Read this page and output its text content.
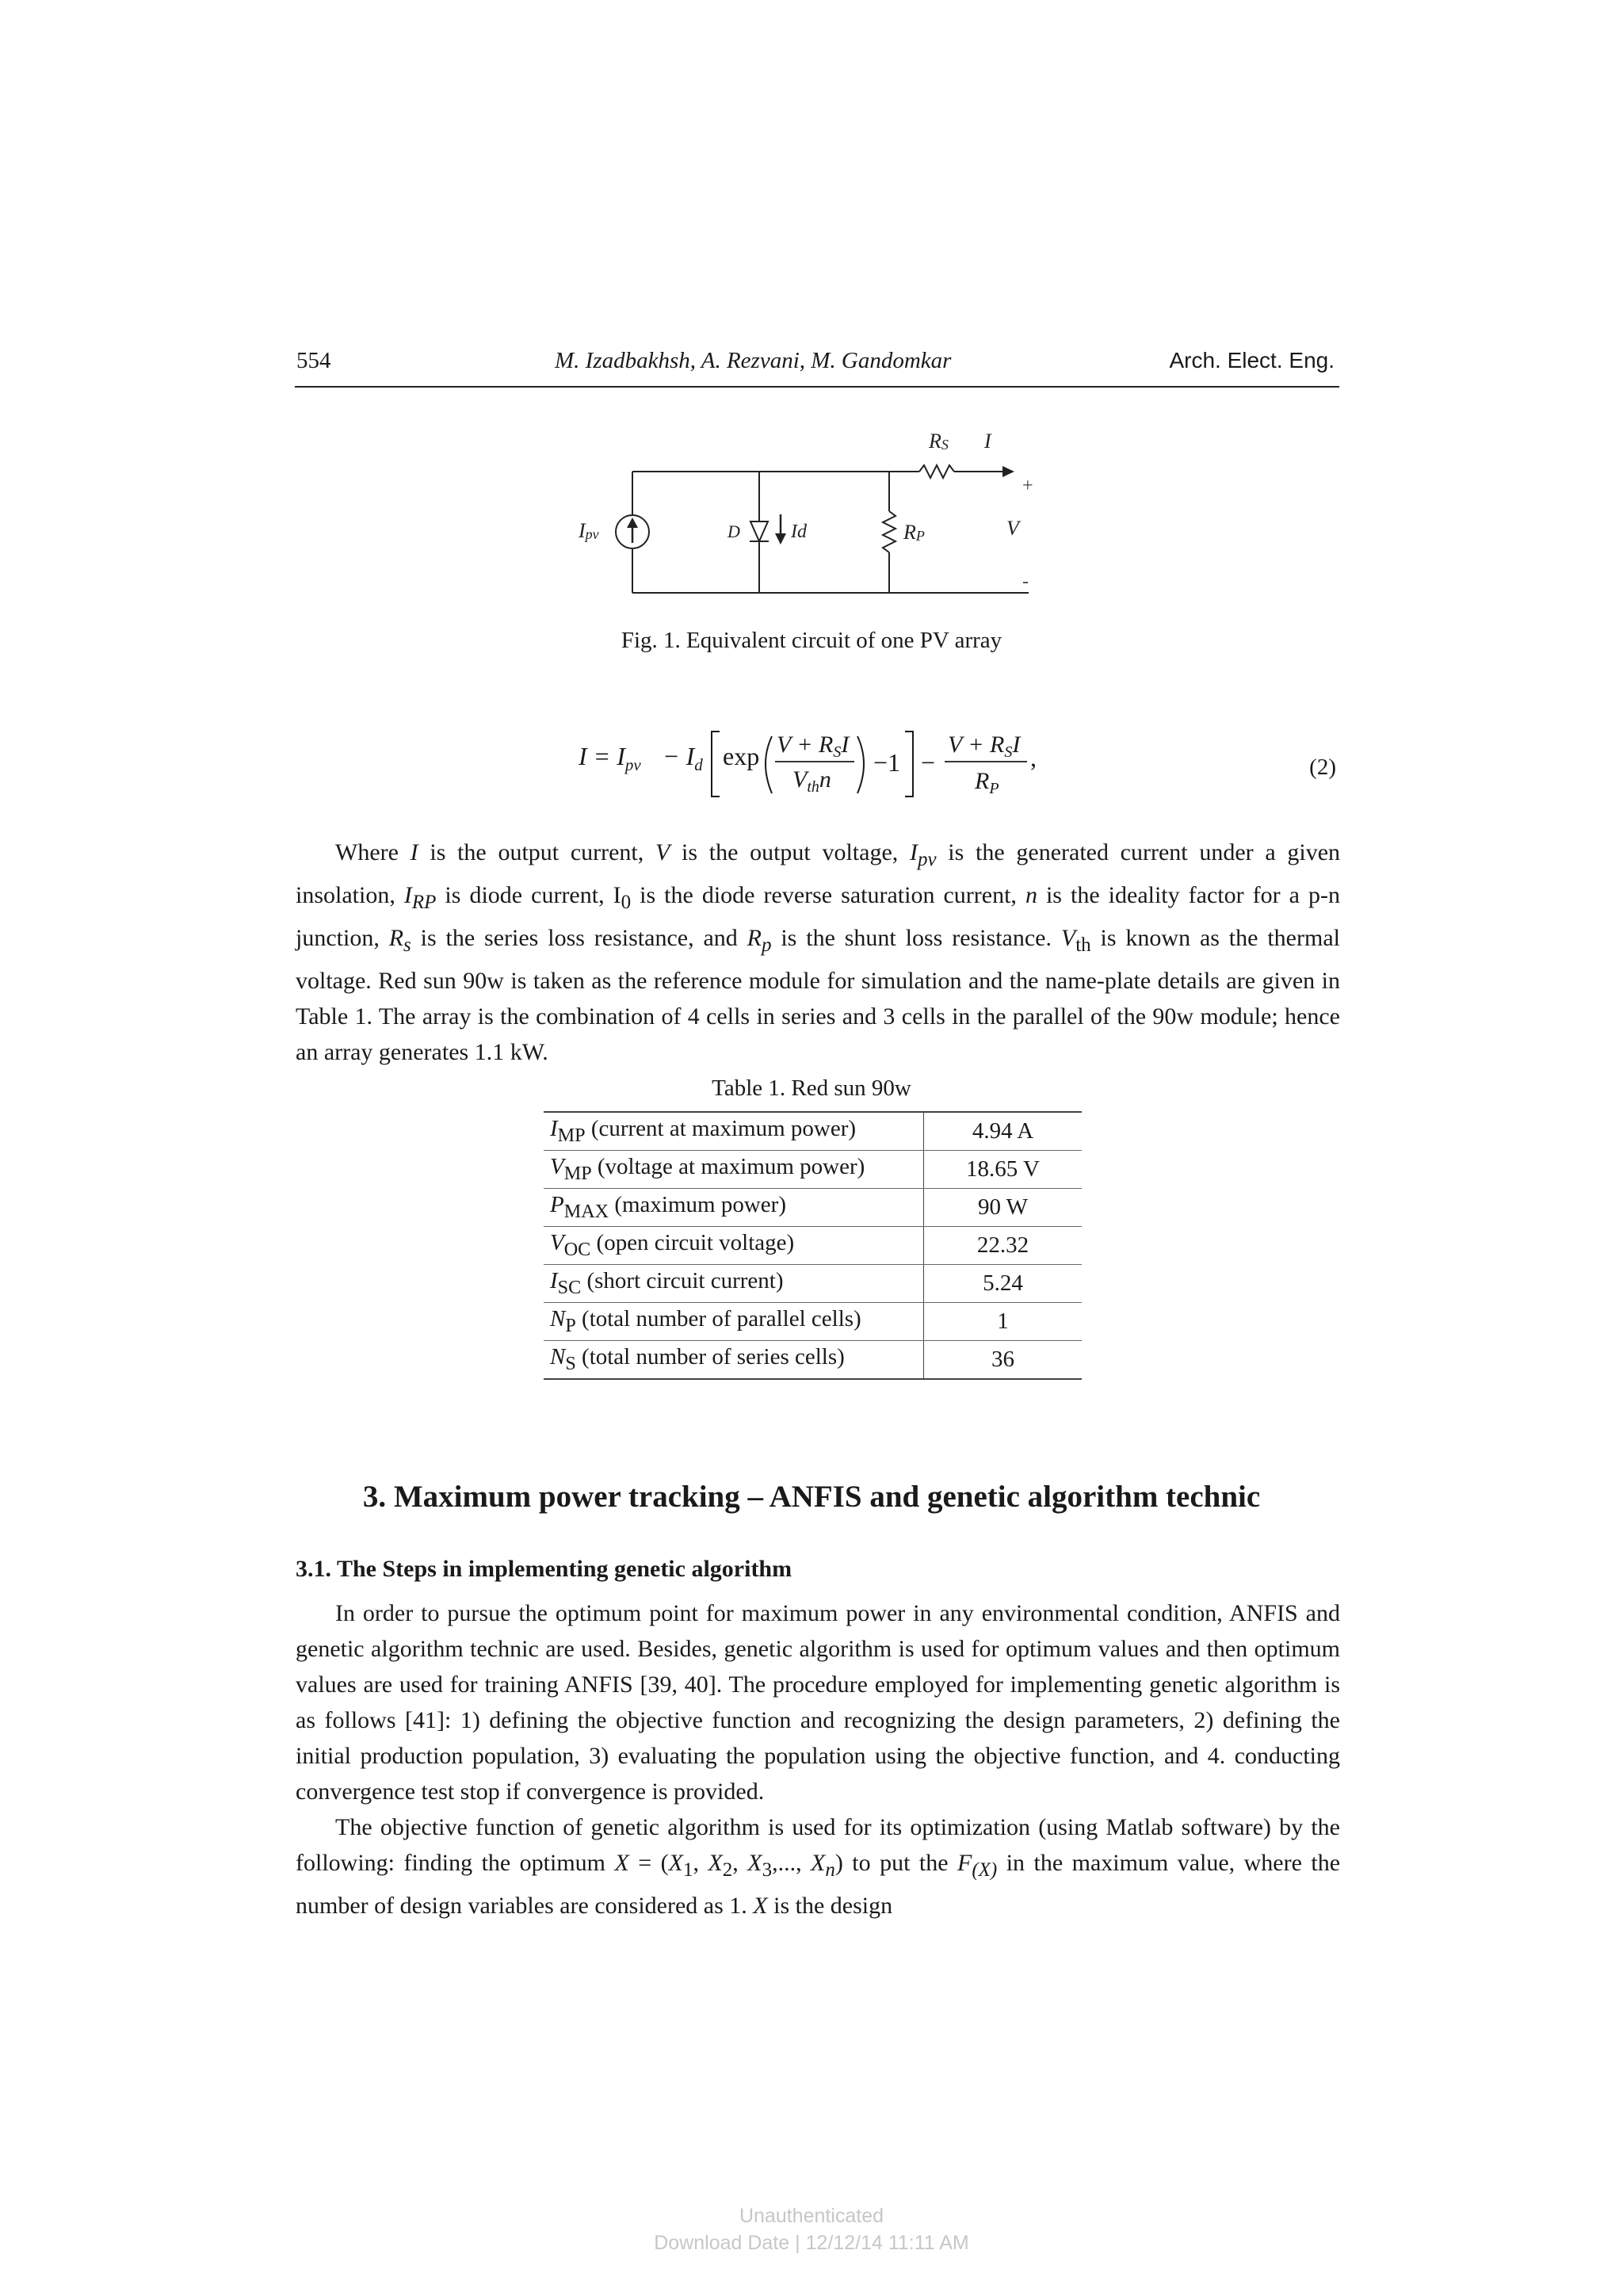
554	M. Izadbakhsh, A. Rezvani, M. Gandomkar	Arch. Elect. Eng.
Ipv	D	Id	RP
RS I
+
V
-
Fig. 1. Equivalent circuit of one PV array
$I = I_{pv} - I_d$ $\exp V + R_SI$
$V_{th}n$
−1 −
$V + R_SI$
$R_P$
,	(2)

Where I is the output current, V is the output voltage, $I_{pv}$ is the generated current under a given insolation, $I_{RP}$ is diode current, $I_0$ is the diode reverse saturation current, n is the ideality factor for a p-n junction, $R_s$ is the series loss resistance, and $R_p$ is the shunt loss resistance. $V_{th}$ is known as the thermal voltage. Red sun 90w is taken as the reference module for simulation and the name-plate details are given in Table 1. The array is the combination of 4 cells in series and 3 cells in the parallel of the 90w module; hence an array generates 1.1 kW.

Table 1. Red sun 90w
$I_{MP}$ (current at maximum power)	4.94 A
$V_{MP}$ (voltage at maximum power)	18.65 V
$P_{MAX}$ (maximum power)	90 W
$V_{OC}$ (open circuit voltage)	22.32
$I_{SC}$ (short circuit current)	5.24
$N_P$ (total number of parallel cells)	1
$N_S$ (total number of series cells)	36
3. Maximum power tracking – ANFIS and genetic algorithm technic
3.1. The Steps in implementing genetic algorithm

In order to pursue the optimum point for maximum power in any environmental condition, ANFIS and genetic algorithm technic are used. Besides, genetic algorithm is used for optimum values and then optimum values are used for training ANFIS [39, 40]. The procedure employed for implementing genetic algorithm is as follows [41]: 1) defining the objective function and recognizing the design parameters, 2) defining the initial production population, 3) evaluating the population using the objective function, and 4. conducting convergence test stop if convergence is provided.

The objective function of genetic algorithm is used for its optimization (using Matlab software) by the following: finding the optimum $X = (X_1$, $X_2$, $X_3$,..., $X_n$) to put the $F_{(X)}$ in the maximum value, where the number of design variables are considered as 1. X is the design

Unauthenticated
Download Date | 12/12/14 11:11 AM
